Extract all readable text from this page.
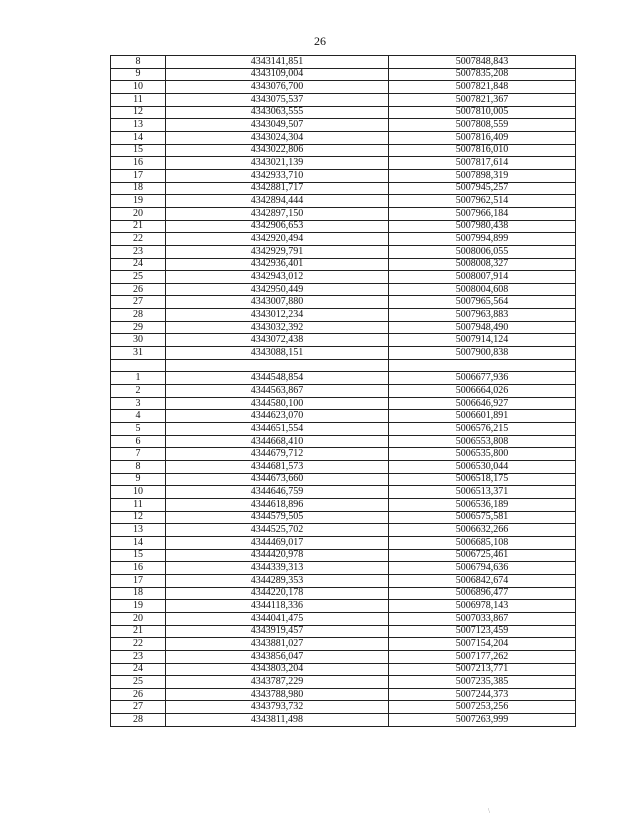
26
8	4343141,851	5007848,843
9	4343109,004	5007835,208
10	4343076,700	5007821,848
11	4343075,537	5007821,367
12	4343063,555	5007810,005
13	4343049,507	5007808,559
14	4343024,304	5007816,409
15	4343022,806	5007816,010
16	4343021,139	5007817,614
17	4342933,710	5007898,319
18	4342881,717	5007945,257
19	4342894,444	5007962,514
20	4342897,150	5007966,184
21	4342906,653	5007980,438
22	4342920,494	5007994,899
23	4342929,791	5008006,055
24	4342936,401	5008008,327
25	4342943,012	5008007,914
26	4342950,449	5008004,608
27	4343007,880	5007965,564
28	4343012,234	5007963,883
29	4343032,392	5007948,490
30	4343072,438	5007914,124
31	4343088,151	5007900,838

1	4344548,854	5006677,936
2	4344563,867	5006664,026
3	4344580,100	5006646,927
4	4344623,070	5006601,891
5	4344651,554	5006576,215
6	4344668,410	5006553,808
7	4344679,712	5006535,800
8	4344681,573	5006530,044
9	4344673,660	5006518,175
10	4344646,759	5006513,371
11	4344618,896	5006536,189
12	4344579,505	5006575,581
13	4344525,702	5006632,266
14	4344469,017	5006685,108
15	4344420,978	5006725,461
16	4344339,313	5006794,636
17	4344289,353	5006842,674
18	4344220,178	5006896,477
19	4344118,336	5006978,143
20	4344041,475	5007033,867
21	4343919,457	5007123,459
22	4343881,027	5007154,204
23	4343856,047	5007177,262
24	4343803,204	5007213,771
25	4343787,229	5007235,385
26	4343788,980	5007244,373
27	4343793,732	5007253,256
28	4343811,498	5007263,999
\
